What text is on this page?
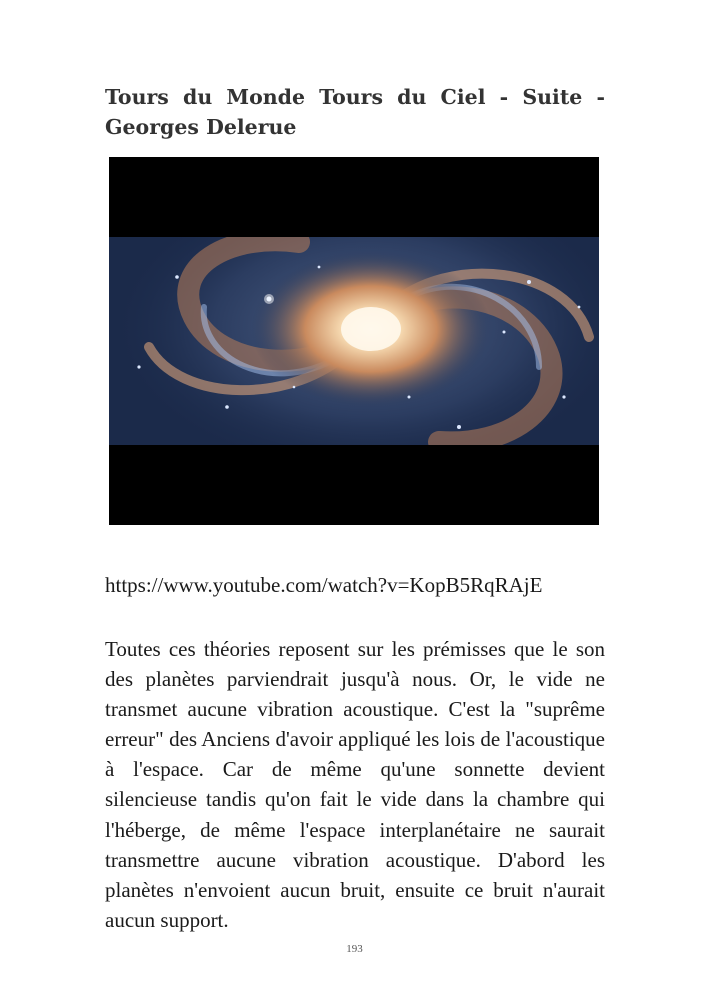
Tours du Monde Tours du Ciel - Suite - Georges Delerue

https://www.youtube.com/watch?v=KopB5RqRAjE

Toutes ces théories reposent sur les prémisses que le son des planètes parviendrait jusqu'à nous. Or, le vide ne transmet aucune vibration acoustique. C'est la "suprême erreur" des Anciens d'avoir appliqué les lois de l'acoustique à l'espace. Car de même qu'une sonnette devient silencieuse tandis qu'on fait le vide dans la chambre qui l'héberge, de même l'espace interplanétaire ne saurait transmettre aucune vibration acoustique. D'abord les planètes n'envoient aucun bruit, ensuite ce bruit n'aurait aucun support.

193
